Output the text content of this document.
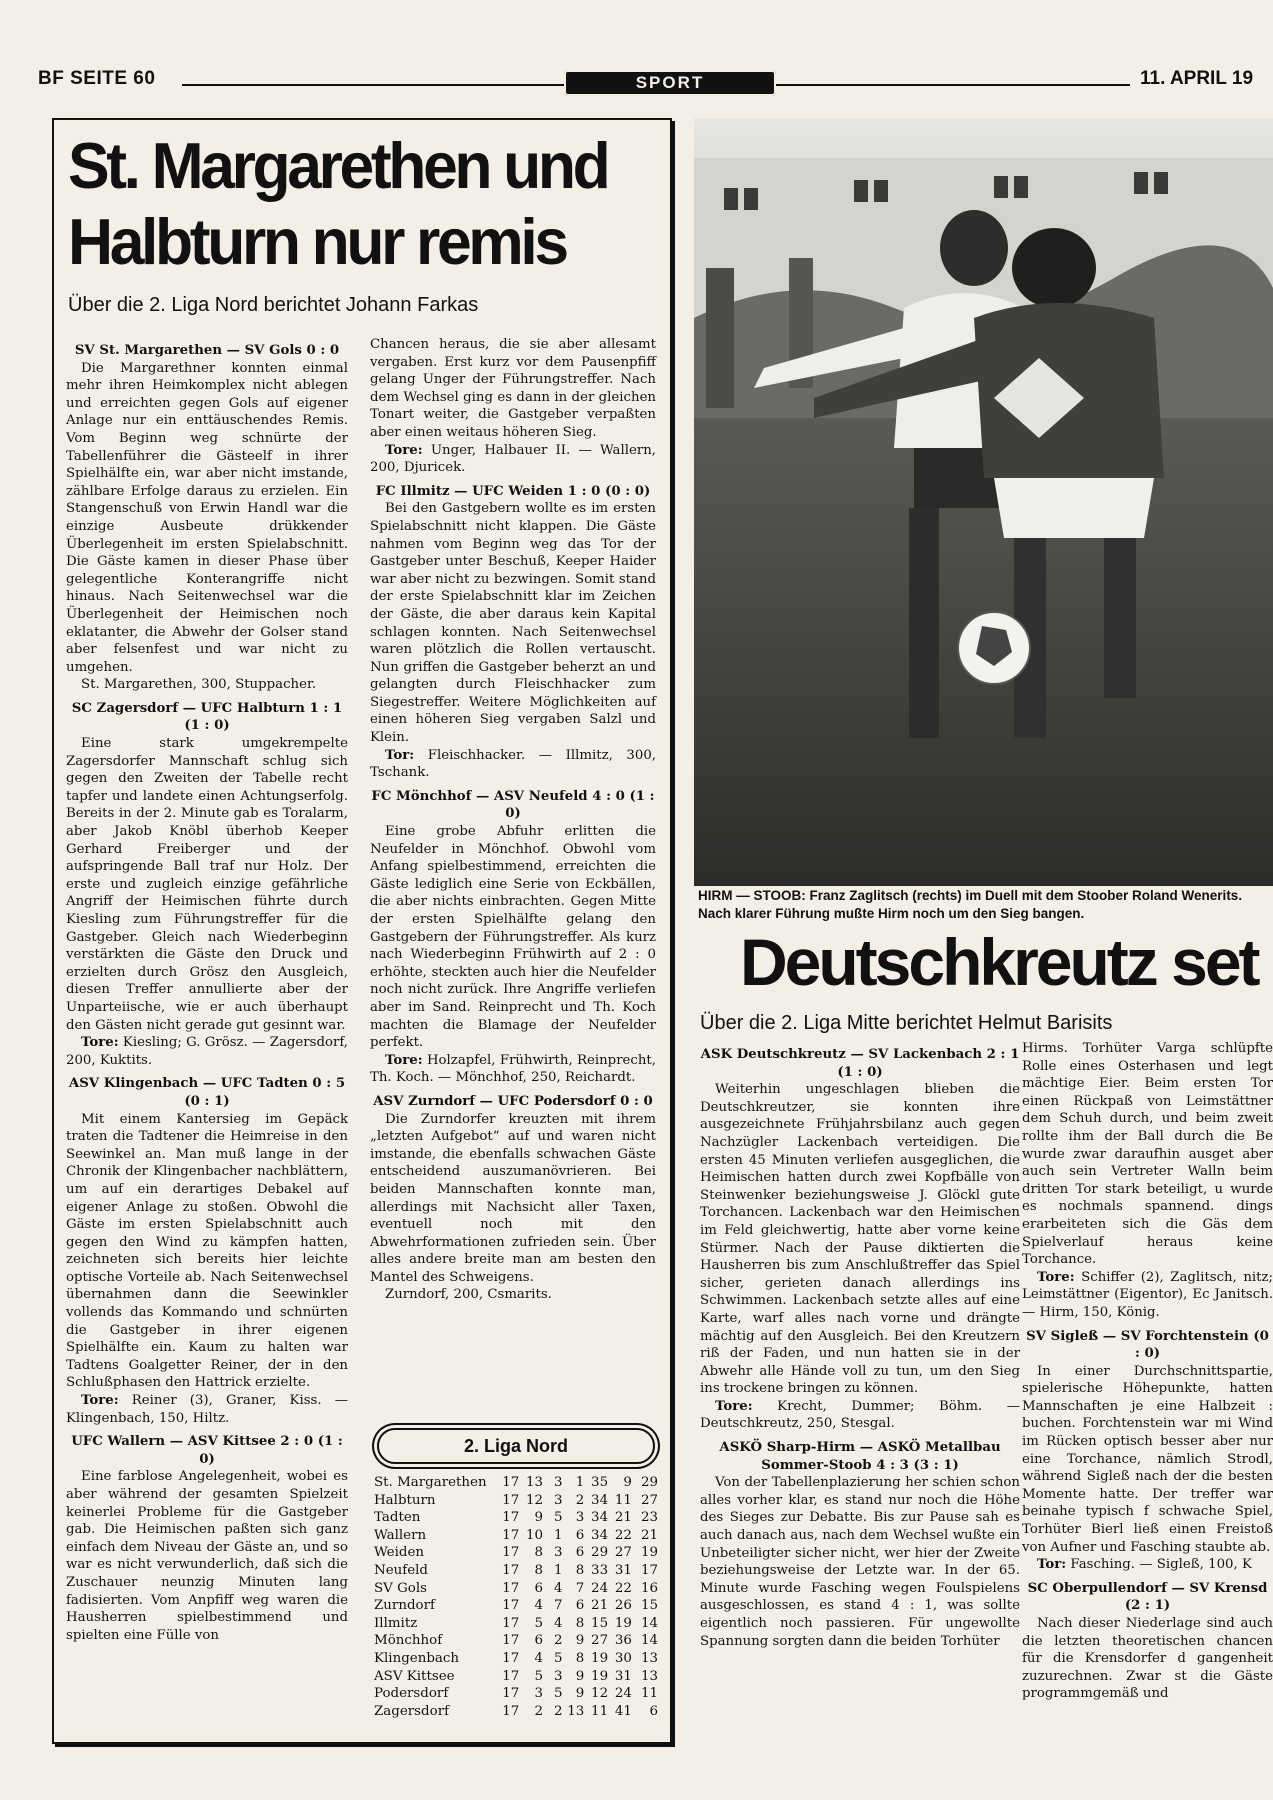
BF SEITE 60	SPORT	11. APRIL 19
St. Margarethen und Halbturn nur remis
Über die 2. Liga Nord berichtet Johann Farkas

SV St. Margarethen — SV Gols 0 : 0

Die Margarethner konnten einmal mehr ihren Heimkomplex nicht ablegen und erreichten gegen Gols auf eigener Anlage nur ein enttäuschendes Remis. Vom Beginn weg schnürte der Tabellenführer die Gästeelf in ihrer Spielhälfte ein, war aber nicht imstande, zählbare Erfolge daraus zu erzielen. Ein Stangenschuß von Erwin Handl war die einzige Ausbeute drükkender Überlegenheit im ersten Spielabschnitt. Die Gäste kamen in dieser Phase über gelegentliche Konterangriffe nicht hinaus. Nach Seitenwechsel war die Überlegenheit der Heimischen noch eklatanter, die Abwehr der Golser stand aber felsenfest und war nicht zu umgehen.

St. Margarethen, 300, Stuppacher.

SC Zagersdorf — UFC Halbturn 1 : 1 (1 : 0)

Eine stark umgekrempelte Zagersdorfer Mannschaft schlug sich gegen den Zweiten der Tabelle recht tapfer und landete einen Achtungserfolg. Bereits in der 2. Minute gab es Toralarm, aber Jakob Knöbl überhob Keeper Gerhard Freiberger und der aufspringende Ball traf nur Holz. Der erste und zugleich einzige gefährliche Angriff der Heimischen führte durch Kiesling zum Führungstreffer für die Gastgeber. Gleich nach Wiederbeginn verstärkten die Gäste den Druck und erzielten durch Grösz den Ausgleich, diesen Treffer annullierte aber der Unparteiische, wie er auch überhaupt den Gästen nicht gerade gut gesinnt war.

Tore: Kiesling; G. Grösz. — Zagersdorf, 200, Kuktits.

ASV Klingenbach — UFC Tadten 0 : 5 (0 : 1)

Mit einem Kantersieg im Gepäck traten die Tadtener die Heimreise in den Seewinkel an. Man muß lange in der Chronik der Klingenbacher nachblättern, um auf ein derartiges Debakel auf eigener Anlage zu stoßen. Obwohl die Gäste im ersten Spielabschnitt auch gegen den Wind zu kämpfen hatten, zeichneten sich bereits hier leichte optische Vorteile ab. Nach Seitenwechsel übernahmen dann die Seewinkler vollends das Kommando und schnürten die Gastgeber in ihrer eigenen Spielhälfte ein. Kaum zu halten war Tadtens Goalgetter Reiner, der in den Schlußphasen den Hattrick erzielte.

Tore: Reiner (3), Graner, Kiss. — Klingenbach, 150, Hiltz.

UFC Wallern — ASV Kittsee 2 : 0 (1 : 0)

Eine farblose Angelegenheit, wobei es aber während der gesamten Spielzeit keinerlei Probleme für die Gastgeber gab. Die Heimischen paßten sich ganz einfach dem Niveau der Gäste an, und so war es nicht verwunderlich, daß sich die Zuschauer neunzig Minuten lang fadisierten. Vom Anpfiff weg waren die Hausherren spielbestimmend und spielten eine Fülle von

Chancen heraus, die sie aber allesamt vergaben. Erst kurz vor dem Pausenpfiff gelang Unger der Führungstreffer. Nach dem Wechsel ging es dann in der gleichen Tonart weiter, die Gastgeber verpaßten aber einen weitaus höheren Sieg.

Tore: Unger, Halbauer II. — Wallern, 200, Djuricek.

FC Illmitz — UFC Weiden 1 : 0 (0 : 0)

Bei den Gastgebern wollte es im ersten Spielabschnitt nicht klappen. Die Gäste nahmen vom Beginn weg das Tor der Gastgeber unter Beschuß, Keeper Haider war aber nicht zu bezwingen. Somit stand der erste Spielabschnitt klar im Zeichen der Gäste, die aber daraus kein Kapital schlagen konnten. Nach Seitenwechsel waren plötzlich die Rollen vertauscht. Nun griffen die Gastgeber beherzt an und gelangten durch Fleischhacker zum Siegestreffer. Weitere Möglichkeiten auf einen höheren Sieg vergaben Salzl und Klein.

Tor: Fleischhacker. — Illmitz, 300, Tschank.

FC Mönchhof — ASV Neufeld 4 : 0 (1 : 0)

Eine grobe Abfuhr erlitten die Neufelder in Mönchhof. Obwohl vom Anfang spielbestimmend, erreichten die Gäste lediglich eine Serie von Eckbällen, die aber nichts einbrachten. Gegen Mitte der ersten Spielhälfte gelang den Gastgebern der Führungstreffer. Als kurz nach Wiederbeginn Frühwirth auf 2 : 0 erhöhte, steckten auch hier die Neufelder noch nicht zurück. Ihre Angriffe verliefen aber im Sand. Reinprecht und Th. Koch machten die Blamage der Neufelder perfekt.

Tore: Holzapfel, Frühwirth, Reinprecht, Th. Koch. — Mönchhof, 250, Reichardt.

ASV Zurndorf — UFC Podersdorf 0 : 0

Die Zurndorfer kreuzten mit ihrem „letzten Aufgebot“ auf und waren nicht imstande, die ebenfalls schwachen Gäste entscheidend auszumanövrieren. Bei beiden Mannschaften konnte man, allerdings mit Nachsicht aller Taxen, eventuell noch mit den Abwehrformationen zufrieden sein. Über alles andere breite man am besten den Mantel des Schweigens.

Zurndorf, 200, Csmarits.

2. Liga Nord
St. Margarethen	17	13	3	1	35	9	29
Halbturn	17	12	3	2	34	11	27
Tadten	17	9	5	3	34	21	23
Wallern	17	10	1	6	34	22	21
Weiden	17	8	3	6	29	27	19
Neufeld	17	8	1	8	33	31	17
SV Gols	17	6	4	7	24	22	16
Zurndorf	17	4	7	6	21	26	15
Illmitz	17	5	4	8	15	19	14
Mönchhof	17	6	2	9	27	36	14
Klingenbach	17	4	5	8	19	30	13
ASV Kittsee	17	5	3	9	19	31	13
Podersdorf	17	3	5	9	12	24	11
Zagersdorf	17	2	2	13	11	41	6
HIRM — STOOB: Franz Zaglitsch (rechts) im Duell mit dem Stoober Roland Wenerits. Nach klarer Führung mußte Hirm noch um den Sieg bangen.
Deutschkreutz set
Über die 2. Liga Mitte berichtet Helmut Barisits

ASK Deutschkreutz — SV Lackenbach 2 : 1 (1 : 0)

Weiterhin ungeschlagen blieben die Deutschkreutzer, sie konnten ihre ausgezeichnete Frühjahrsbilanz auch gegen Nachzügler Lackenbach verteidigen. Die ersten 45 Minuten verliefen ausgeglichen, die Heimischen hatten durch zwei Kopfbälle von Steinwenker beziehungsweise J. Glöckl gute Torchancen. Lackenbach war den Heimischen im Feld gleichwertig, hatte aber vorne keine Stürmer. Nach der Pause diktierten die Hausherren bis zum Anschlußtreffer das Spiel sicher, gerieten danach allerdings ins Schwimmen. Lackenbach setzte alles auf eine Karte, warf alles nach vorne und drängte mächtig auf den Ausgleich. Bei den Kreutzern riß der Faden, und nun hatten sie in der Abwehr alle Hände voll zu tun, um den Sieg ins trockene bringen zu können.

Tore: Krecht, Dummer; Böhm. — Deutschkreutz, 250, Stesgal.

ASKÖ Sharp-Hirm — ASKÖ Metallbau Sommer-Stoob 4 : 3 (3 : 1)

Von der Tabellenplazierung her schien schon alles vorher klar, es stand nur noch die Höhe des Sieges zur Debatte. Bis zur Pause sah es auch danach aus, nach dem Wechsel wußte ein Unbeteiligter sicher nicht, wer hier der Zweite beziehungsweise der Letzte war. In der 65. Minute wurde Fasching wegen Foulspielens ausgeschlossen, es stand 4 : 1, was sollte eigentlich noch passieren. Für ungewollte Spannung sorgten dann die beiden Torhüter

Hirms. Torhüter Varga schlüpfte Rolle eines Osterhasen und legt mächtige Eier. Beim ersten Tor einen Rückpaß von Leimstättner dem Schuh durch, und beim zweit rollte ihm der Ball durch die Be wurde zwar daraufhin ausget aber auch sein Vertreter Walln beim dritten Tor stark beteiligt, u wurde es nochmals spannend. dings erarbeiteten sich die Gäs dem Spielverlauf heraus keine Torchance.

Tore: Schiffer (2), Zaglitsch, nitz; Leimstättner (Eigentor), Ec Janitsch. — Hirm, 150, König.

SV Sigleß — SV Forchtenstein (0 : 0)

In einer Durchschnittspartie, spielerische Höhepunkte, hatten Mannschaften je eine Halbzeit : buchen. Forchtenstein war mi Wind im Rücken optisch besser aber nur eine Torchance, nämlich Strodl, während Sigleß nach der die besten Momente hatte. Der treffer war beinahe typisch f schwache Spiel, Torhüter Bierl ließ einen Freistoß von Aufner und Fasching staubte ab.

Tor: Fasching. — Sigleß, 100, K

SC Oberpullendorf — SV Krensd (2 : 1)

Nach dieser Niederlage sind auch die letzten theoretischen chancen für die Krensdorfer d gangenheit zuzurechnen. Zwar st die Gäste programmgemäß und
